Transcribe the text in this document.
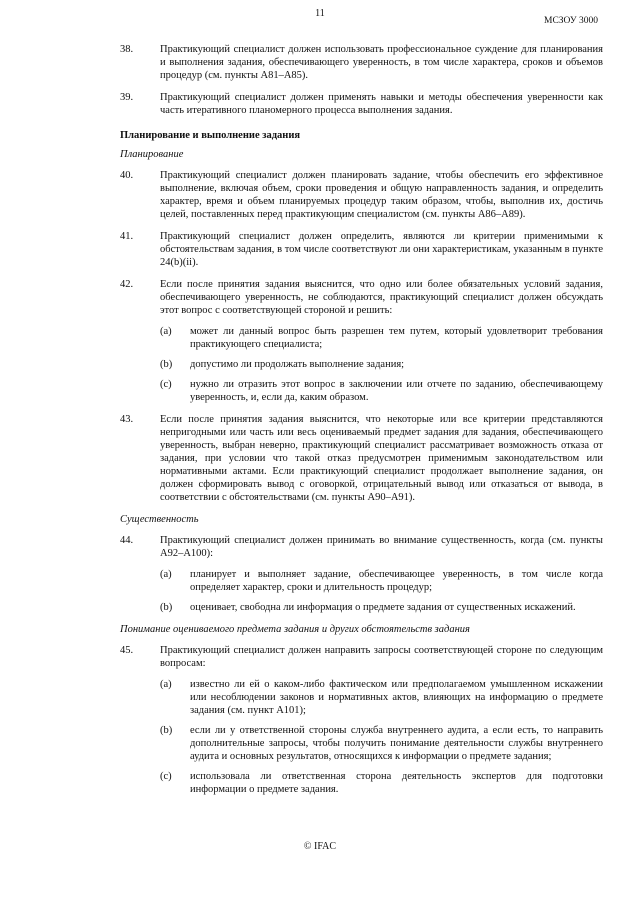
11
МСЗОУ 3000
38.	Практикующий специалист должен использовать профессиональное суждение для планирования и выполнения задания, обеспечивающего уверенность, в том числе характера, сроков и объемов процедур (см. пункты A81–A85).
39.	Практикующий специалист должен применять навыки и методы обеспечения уверенности как часть итеративного планомерного процесса выполнения задания.
Планирование и выполнение задания
Планирование
40.	Практикующий специалист должен планировать задание, чтобы обеспечить его эффективное выполнение, включая объем, сроки проведения и общую направленность задания, и определить характер, время и объем планируемых процедур таким образом, чтобы, выполнив их, достичь целей, поставленных перед практикующим специалистом (см. пункты A86–A89).
41.	Практикующий специалист должен определить, являются ли критерии применимыми к обстоятельствам задания, в том числе соответствуют ли они характеристикам, указанным в пункте 24(b)(ii).
42.	Если после принятия задания выяснится, что одно или более обязательных условий задания, обеспечивающего уверенность, не соблюдаются, практикующий специалист должен обсуждать этот вопрос с соответствующей стороной и решить:
(a) может ли данный вопрос быть разрешен тем путем, который удовлетворит требования практикующего специалиста;
(b) допустимо ли продолжать выполнение задания;
(c) нужно ли отразить этот вопрос в заключении или отчете по заданию, обеспечивающему уверенность, и, если да, каким образом.
43.	Если после принятия задания выяснится, что некоторые или все критерии представляются непригодными или часть или весь оцениваемый предмет задания для задания, обеспечивающего уверенность, выбран неверно, практикующий специалист рассматривает возможность отказа от задания, при условии что такой отказ предусмотрен применимым законодательством или нормативными актами. Если практикующий специалист продолжает выполнение задания, он должен сформировать вывод с оговоркой, отрицательный вывод или отказаться от вывода, в соответствии с обстоятельствами (см. пункты A90–A91).
Существенность
44.	Практикующий специалист должен принимать во внимание существенность, когда (см. пункты A92–A100):
(a) планирует и выполняет задание, обеспечивающее уверенность, в том числе когда определяет характер, сроки и длительность процедур;
(b) оценивает, свободна ли информация о предмете задания от существенных искажений.
Понимание оцениваемого предмета задания и других обстоятельств задания
45.	Практикующий специалист должен направить запросы соответствующей стороне по следующим вопросам:
(a) известно ли ей о каком-либо фактическом или предполагаемом умышленном искажении или несоблюдении законов и нормативных актов, влияющих на информацию о предмете задания (см. пункт A101);
(b) если ли у ответственной стороны служба внутреннего аудита, а если есть, то направить дополнительные запросы, чтобы получить понимание деятельности службы внутреннего аудита и основных результатов, относящихся к информации о предмете задания;
(c) использовала ли ответственная сторона деятельность экспертов для подготовки информации о предмете задания.
© IFAC
